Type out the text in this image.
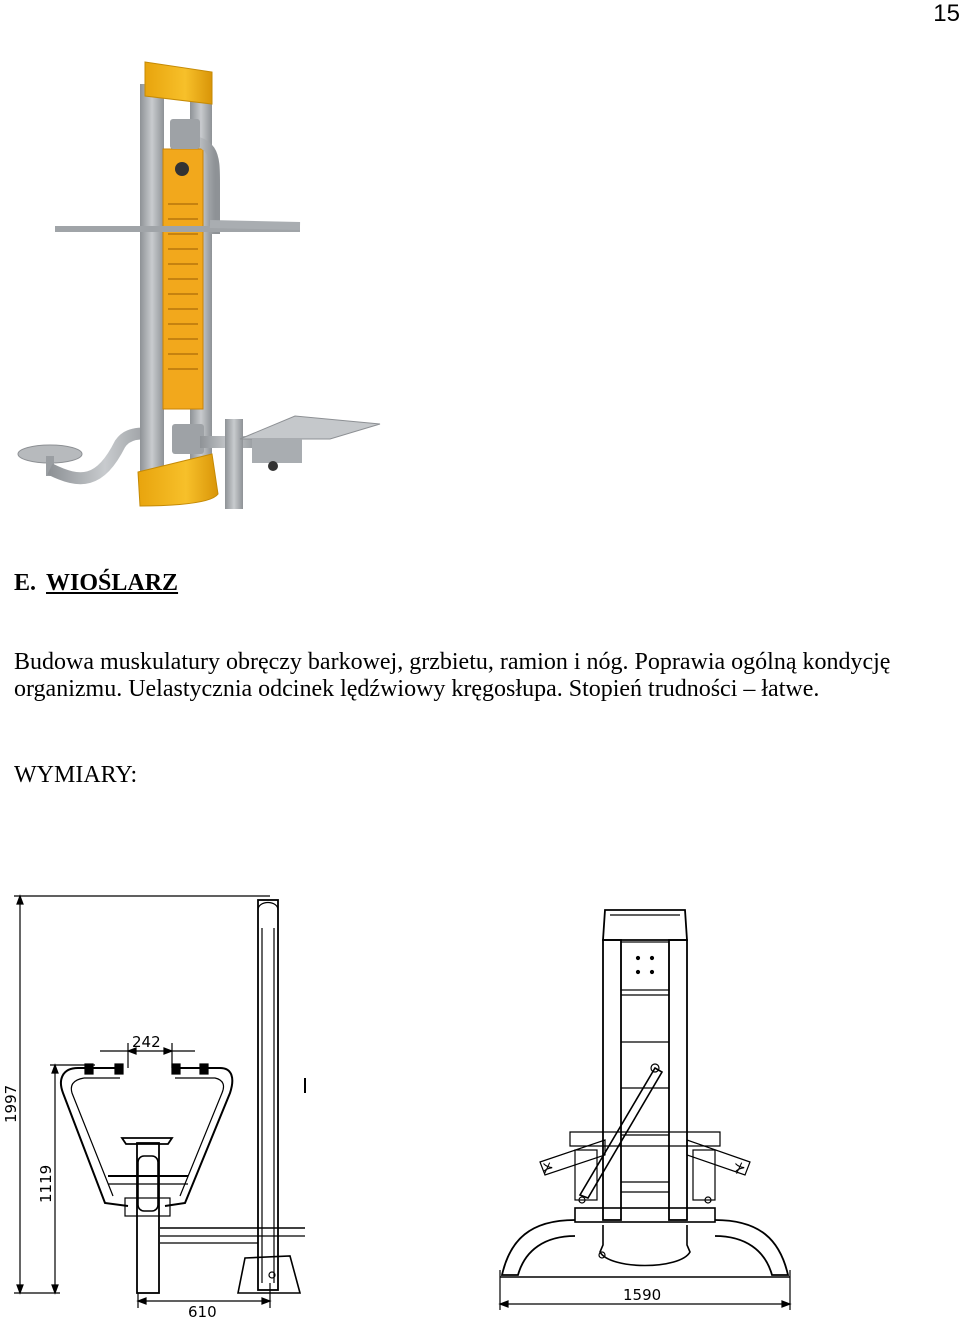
15
E. WIOŚLARZ

Budowa muskulatury obręczy barkowej, grzbietu, ramion i nóg. Poprawia ogólną kondycję organizmu. Uelastycznia odcinek lędźwiowy kręgosłupa. Stopień trudności – łatwe.

WYMIARY:

1997
1119
242
610
⊁	⊁
1590
